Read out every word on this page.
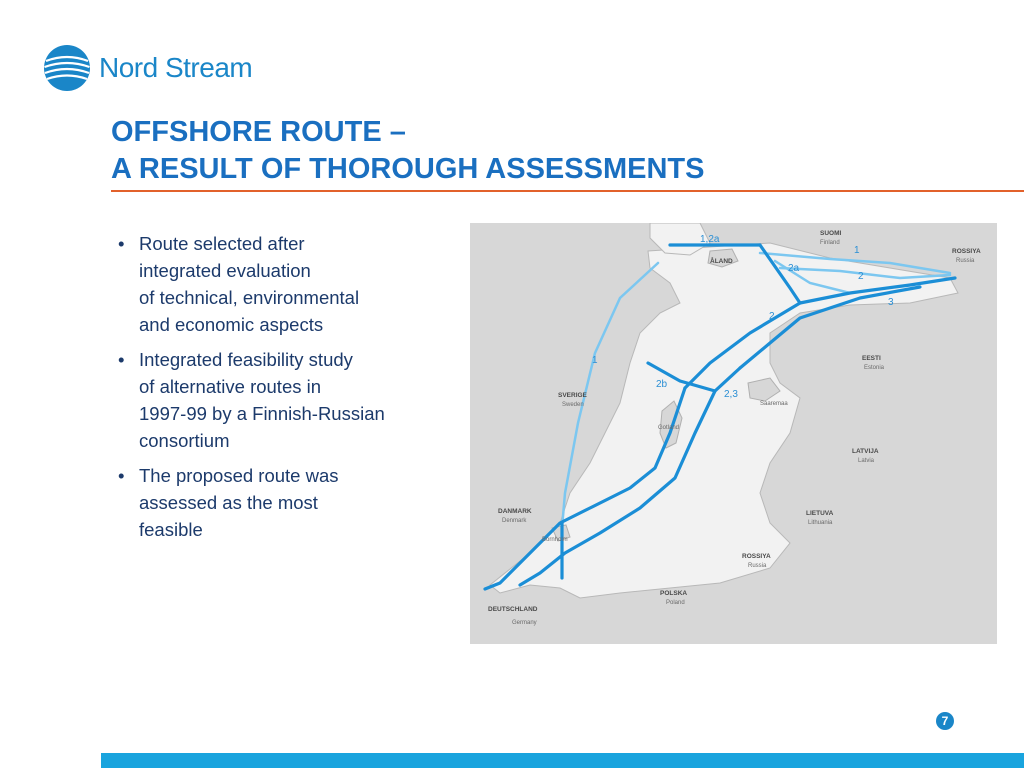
Nord Stream
OFFSHORE ROUTE –
A RESULT OF THOROUGH ASSESSMENTS
• Route selected after
integrated evaluation
of technical, environmental
and economic aspects
• Integrated feasibility study
of alternative routes in
1997-99 by a Finnish-Russian
consortium
• The proposed route was
assessed as the most
feasible
SUOMI
ROSSIYA
EESTI
LATVIJA
LIETUVA
ROSSIYA
POLSKA
DEUTSCHLAND
DANMARK
SVERIGE
ÅLAND
Finland
Russia
Estonia
Latvia
Lithuania
Russia
Poland
Germany
Denmark
Sweden
Gotland
Saaremaa
Bornholm
1,2a
1
2a
2
3
2
1
2b
2,3
7
